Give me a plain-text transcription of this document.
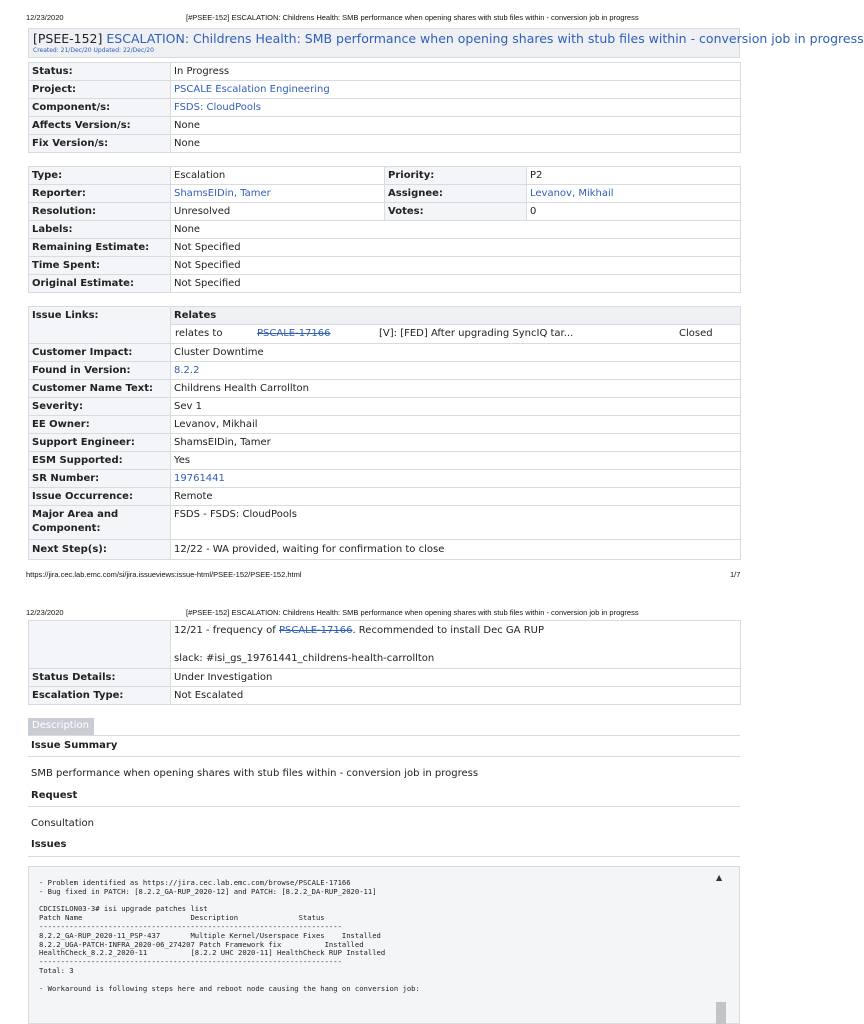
12/23/2020	[#PSEE-152] ESCALATION: Childrens Health: SMB performance when opening shares with stub files within - conversion job in progress
[PSEE-152] ESCALATION: Childrens Health: SMB performance when opening shares with stub files within - conversion job in progress
Created: 21/Dec/20 Updated: 22/Dec/20
Status:	In Progress
Project:	PSCALE Escalation Engineering
Component/s:	FSDS: CloudPools
Affects Version/s:	None
Fix Version/s:	None
Type:	Escalation	Priority:	P2
Reporter:	ShamsEIDin, Tamer	Assignee:	Levanov, Mikhail
Resolution:	Unresolved	Votes:	0
Labels:	None		
Remaining Estimate:	Not Specified		
Time Spent:	Not Specified		
Original Estimate:	Not Specified		
Issue Links:	Relates

	relates to PSCALE-17166 [V]: [FED] After upgrading SyncIQ tar... Closed

Customer Impact:	Cluster Downtime
Found in Version:	8.2.2
Customer Name Text:	Childrens Health Carrollton
Severity:	Sev 1
EE Owner:	Levanov, Mikhail
Support Engineer:	ShamsEIDin, Tamer
ESM Supported:	Yes
SR Number:	19761441
Issue Occurrence:	Remote
Major Area and Component:	FSDS - FSDS: CloudPools
Next Step(s):	12/22 - WA provided, waiting for confirmation to close
https://jira.cec.lab.emc.com/si/jira.issueviews:issue-html/PSEE-152/PSEE-152.html	1/7
12/23/2020	[#PSEE-152] ESCALATION: Childrens Health: SMB performance when opening shares with stub files within - conversion job in progress

	12/21 - frequency of PSCALE-17166. Recommended to install Dec GA RUP
slack: #isi_gs_19761441_childrens-health-carrollton

Status Details:	Under Investigation
Escalation Type:	Not Escalated
Description
Issue Summary
SMB performance when opening shares with stub files within - conversion job in progress
Request
Consultation
Issues
- Problem identified as https://jira.cec.lab.emc.com/browse/PSCALE-17166
- Bug fixed in PATCH: [8.2.2_GA-RUP_2020-12] and PATCH: [8.2.2_DA-RUP_2020-11]

CDCISILON03-3# isi upgrade patches list
Patch Name                         Description              Status
----------------------------------------------------------------------
8.2.2_GA-RUP_2020-11_PSP-437       Multiple Kernel/Userspace Fixes    Installed
8.2.2_UGA-PATCH-INFRA_2020-06_274207 Patch Framework fix          Installed
HealthCheck_8.2.2_2020-11          [8.2.2 UHC 2020-11] HealthCheck RUP Installed
----------------------------------------------------------------------
Total: 3

- Workaround is following steps here and reboot node causing the hang on conversion job:
▲
